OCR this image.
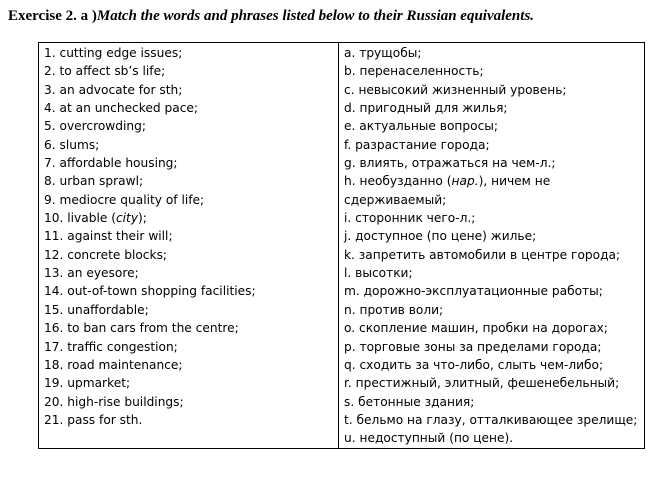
Exercise 2. a )Match the words and phrases listed below to their Russian equivalents.
1. cutting edge issues;
2. to affect sb’s life;
3. an advocate for sth;
4. at an unchecked pace;
5. overcrowding;
6. slums;
7. affordable housing;
8. urban sprawl;
9. mediocre quality of life;
10. livable (city);
11. against their will;
12. concrete blocks;
13. an eyesore;
14. out-of-town shopping facilities;
15. unaffordable;
16. to ban cars from the centre;
17. traffic congestion;
18. road maintenance;
19. upmarket;
20. high-rise buildings;
21. pass for sth.

a. трущобы;
b. перенаселенность;
c. невысокий жизненный уровень;
d. пригодный для жилья;
e. актуальные вопросы;
f. разрастание города;
g. влиять, отражаться на чем-л.;
h. необузданно (нар.), ничем не сдерживаемый;
i. сторонник чего-л.;
j. доступное (по цене) жилье;
k. запретить автомобили в центре города;
l. высотки;
m. дорожно-эксплуатационные работы;
n. против воли;
o. скопление машин, пробки на дорогах;
p. торговые зоны за пределами города;
q. сходить за что-либо, слыть чем-либо;
r. престижный, элитный, фешенебельный;
s. бетонные здания;
t. бельмо на глазу, отталкивающее зрелище;
u. недоступный (по цене).
